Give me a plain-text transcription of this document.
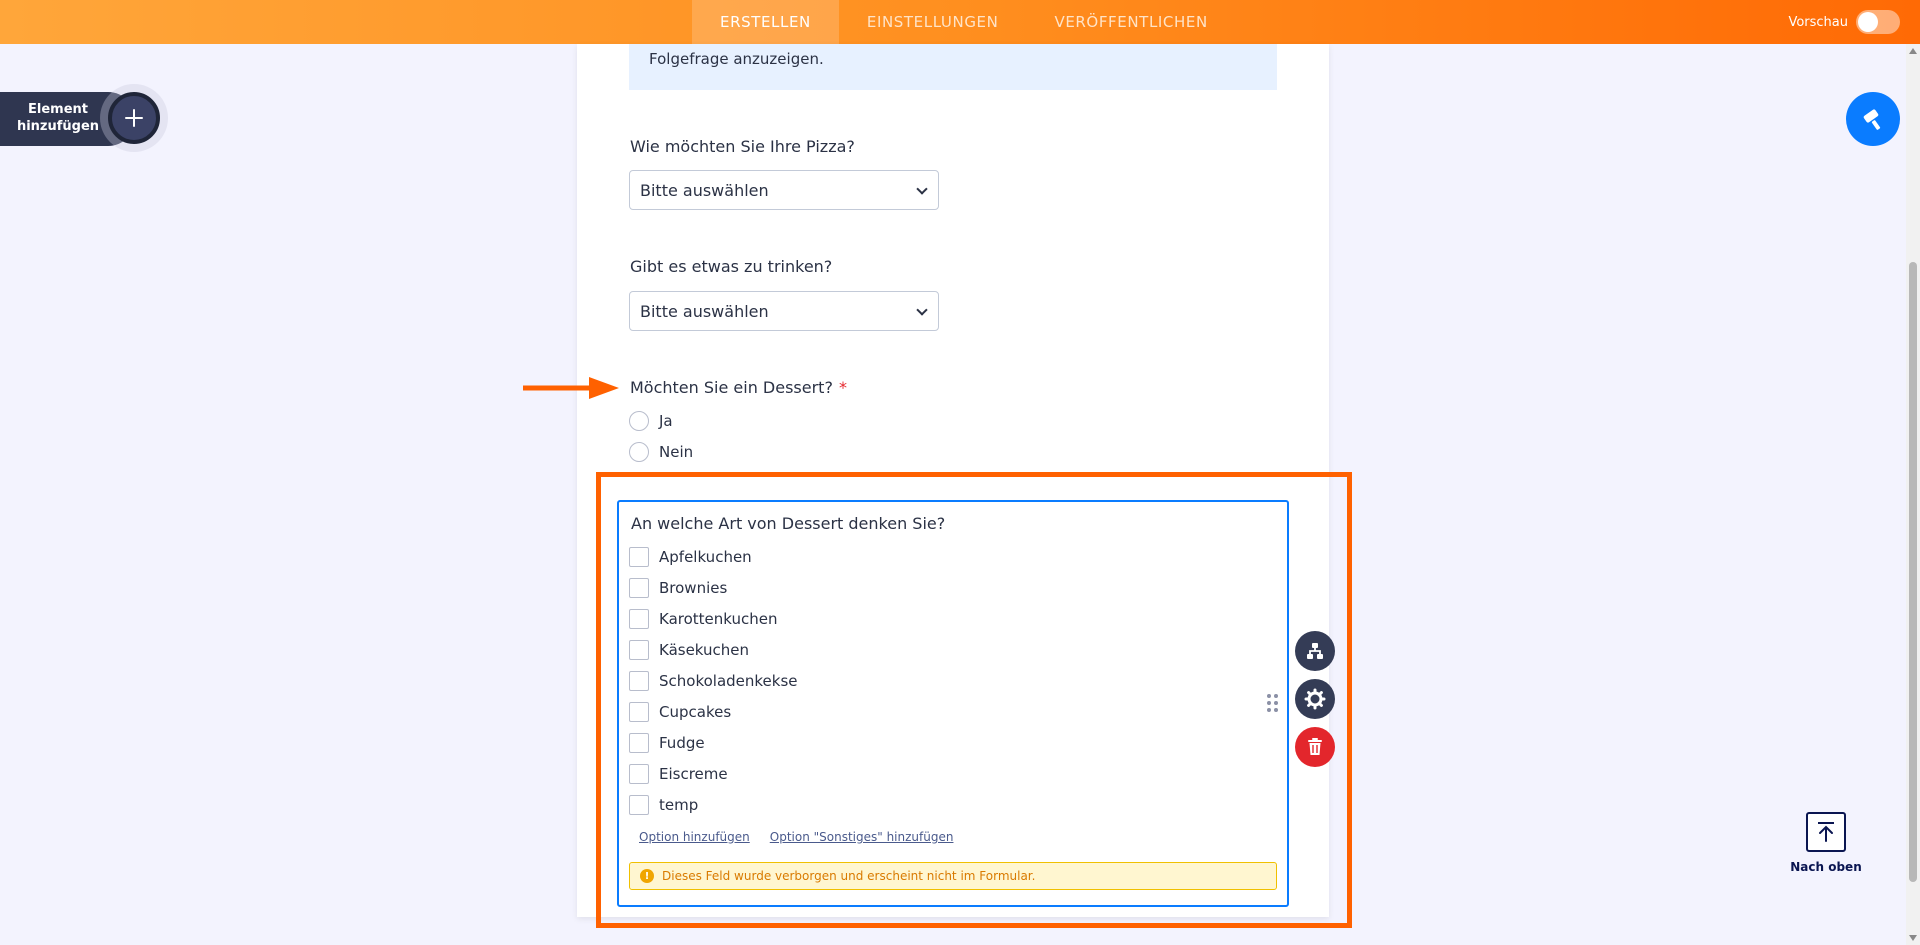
ERSTELLEN	EINSTELLUNGEN	VERÖFFENTLICHEN	Vorschau
Element hinzufügen
Folgefrage anzuzeigen.
Wie möchten Sie Ihre Pizza?
Bitte auswählen
Gibt es etwas zu trinken?
Bitte auswählen
Möchten Sie ein Dessert? *
Ja
Nein
An welche Art von Dessert denken Sie?
Apfelkuchen
Brownies
Karottenkuchen
Käsekuchen
Schokoladenkekse
Cupcakes
Fudge
Eiscreme
temp
Option hinzufügen Option "Sonstiges" hinzufügen
!	Dieses Feld wurde verborgen und erscheint nicht im Formular.
Nach oben
